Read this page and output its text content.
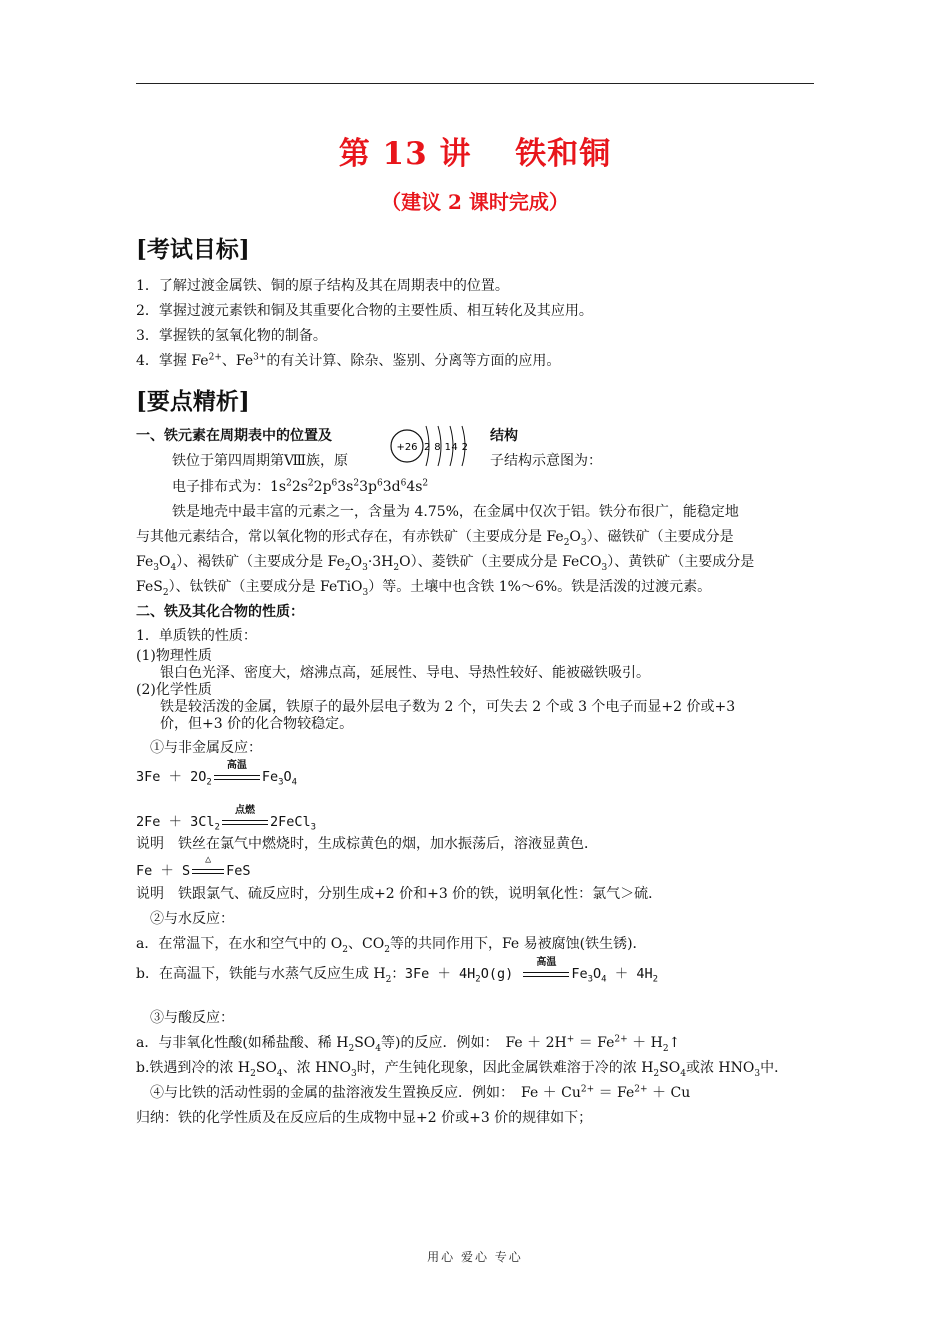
第 13 讲　 铁和铜
（建议 2 课时完成）
[考试目标]
1．了解过渡金属铁、铜的原子结构及其在周期表中的位置。
2．掌握过渡元素铁和铜及其重要化合物的主要性质、相互转化及其应用。
3．掌握铁的氢氧化物的制备。
4．掌握 $Fe^{2+}$、$Fe^{3+}$的有关计算、除杂、鉴别、分离等方面的应用。
[要点精析]
一、铁元素在周期表中的位置及	结构
+26 2 8 14 2
铁位于第四周期第Ⅷ族，原	子结构示意图为：
电子排布式为：$1s^22s^22p^63s^23p^63d^64s^2$
铁是地壳中最丰富的元素之一，含量为 4.75%，在金属中仅次于铝。铁分布很广，能稳定地
与其他元素结合，常以氧化物的形式存在，有赤铁矿（主要成分是 $Fe_2O_3$）、磁铁矿（主要成分是
$Fe_3O_4$）、褐铁矿（主要成分是 $Fe_2O_3\cdot 3H_2O$）、菱铁矿（主要成分是 FeCO$_3$）、黄铁矿（主要成分是
FeS$_2$）、钛铁矿（主要成分是 FeTiO$_3$）等。土壤中也含铁 1%～6%。铁是活泼的过渡元素。
二、铁及其化合物的性质：
1．单质铁的性质：
(1)物理性质
银白色光泽、密度大，熔沸点高，延展性、导电、导热性较好、能被磁铁吸引。
(2)化学性质
铁是较活泼的金属，铁原子的最外层电子数为 2 个，可失去 2 个或 3 个电子而显+2 价或+3
价，但+3 价的化合物较稳定。
①与非金属反应：
$3Fe + 2O_2$
高温
$Fe_3O_4$
$2Fe + 3Cl_2$
点燃
2FeCl$_3$
说明　铁丝在氯气中燃烧时，生成棕黄色的烟，加水振荡后，溶液显黄色．
Fe ＋ S
△
FeS
说明　铁跟氯气、硫反应时，分别生成+2 价和+3 价的铁，说明氧化性：氯气＞硫．
②与水反应：
a．在常温下，在水和空气中的 $O_2$、$CO_2$等的共同作用下，Fe 易被腐蚀(铁生锈)．
b．在高温下，铁能与水蒸气反应生成 $H_2$：$3Fe + 4H_2O(g)$
高温
$Fe_3O_4 + 4H_2$
③与酸反应：
a．与非氧化性酸(如稀盐酸、稀 $H_2SO_4$等)的反应．例如：　$Fe + 2H^+ = Fe^{2+}$ ＋ $H_2↑$
b.铁遇到冷的浓 $H_2SO_4$、浓 $HNO_3$时，产生钝化现象，因此金属铁难溶于冷的浓 $H_2SO_4$或浓 $HNO_3$中．
④与比铁的活动性弱的金属的盐溶液发生置换反应．例如：　$Fe + Cu^{2+} = Fe^{2+} + Cu$
归纳：铁的化学性质及在反应后的生成物中显+2 价或+3 价的规律如下；
用心 爱心 专心
